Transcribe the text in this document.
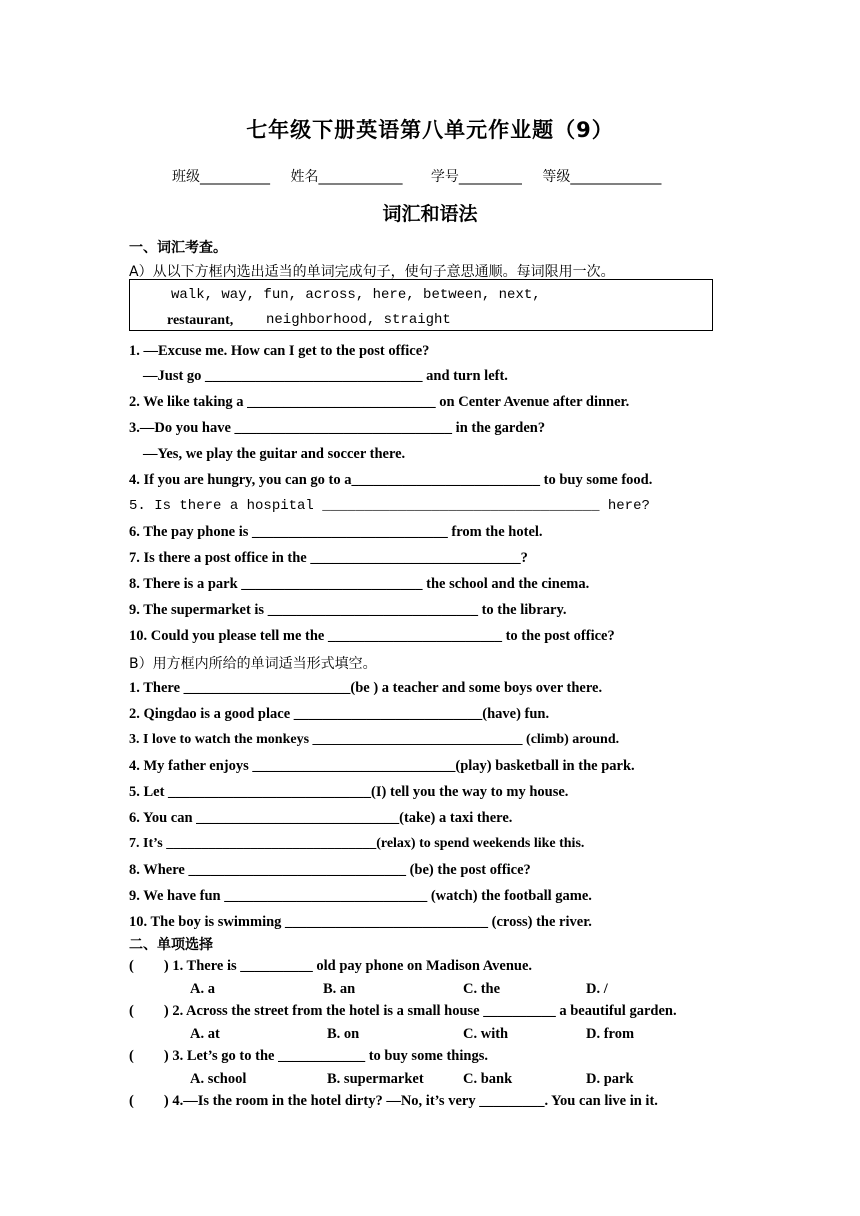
七年级下册英语第八单元作业题（9）
班级__________ 姓名____________ 学号_________ 等级_____________
词汇和语法
一、词汇考查。
A）从以下方框内选出适当的单词完成句子，使句子意思通顺。每词限用一次。
walk, way, fun, across, here, between, next,
restaurant, neighborhood, straight
1. —Excuse me. How can I get to the post office?
—Just go ______________________________ and turn left.
2. We like taking a __________________________ on Center Avenue after dinner.
3.—Do you have ______________________________ in the garden?
—Yes, we play the guitar and soccer there.
4. If you are hungry, you can go to a__________________________ to buy some food.
5. Is there a hospital _________________________________ here?
6. The pay phone is ___________________________ from the hotel.
7. Is there a post office in the _____________________________?
8. There is a park _________________________ the school and the cinema.
9. The supermarket is _____________________________ to the library.
10. Could you please tell me the ________________________ to the post office?
B）用方框内所给的单词适当形式填空。
1. There _______________________(be ) a teacher and some boys over there.
2. Qingdao is a good place __________________________(have) fun.
3. I love to watch the monkeys ______________________________ (climb) around.
4. My father enjoys ____________________________(play) basketball in the park.
5. Let ____________________________(I) tell you the way to my house.
6. You can ____________________________(take) a taxi there.
7. It’s ______________________________(relax) to spend weekends like this.
8. Where ______________________________ (be) the post office?
9. We have fun ____________________________ (watch) the football game.
10. The boy is swimming ____________________________ (cross) the river.
二、单项选择
( ) 1. There is __________ old pay phone on Madison Avenue.
A. a	B. an	C. the	D. /
( ) 2. Across the street from the hotel is a small house __________ a beautiful garden.
A. at	B. on	C. with	D. from
( ) 3. Let’s go to the ____________ to buy some things.
A. school	B. supermarket	C. bank	D. park
( ) 4.—Is the room in the hotel dirty? —No, it’s very _________. You can live in it.
